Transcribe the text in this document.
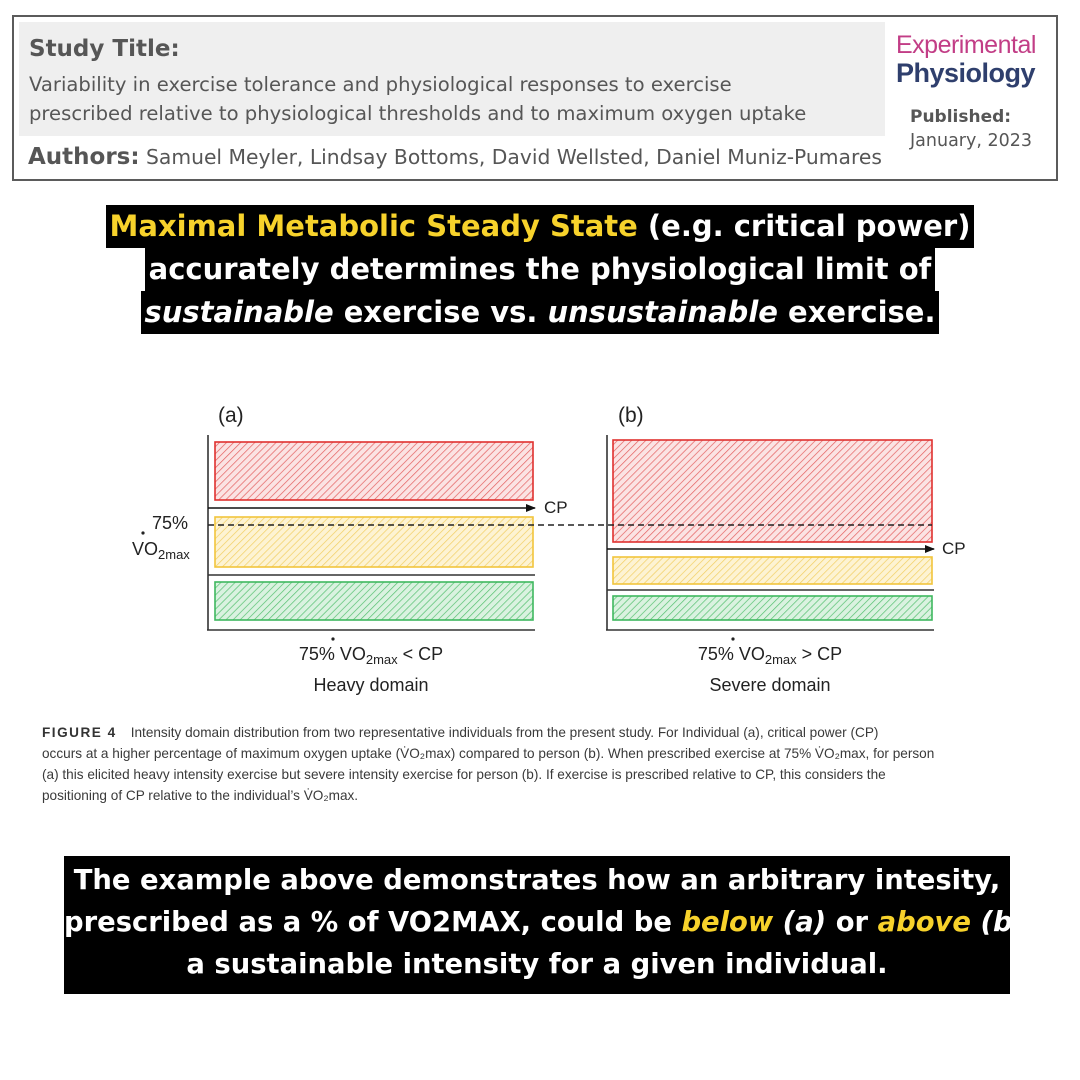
Study Title:
Variability in exercise tolerance and physiological responses to exercise
prescribed relative to physiological thresholds and to maximum oxygen uptake
Authors: Samuel Meyler, Lindsay Bottoms, David Wellsted, Daniel Muniz-Pumares
Experimental
Physiology
Published:
January, 2023
Maximal Metabolic Steady State (e.g. critical power)
accurately determines the physiological limit of
sustainable exercise vs. unsustainable exercise.
(a)	(b)
75%
$VO_{2max}$
CP
75% $VO_{2max}$ < CP
Heavy domain
CP
75% $VO_{2max}$ > CP
Severe domain
FIGURE 4 Intensity domain distribution from two representative individuals from the present study. For Individual (a), critical power (CP)
occurs at a higher percentage of maximum oxygen uptake (V̇O₂max) compared to person (b). When prescribed exercise at 75% V̇O₂max, for person
(a) this elicited heavy intensity exercise but severe intensity exercise for person (b). If exercise is prescribed relative to CP, this considers the
positioning of CP relative to the individual’s V̇O₂max.
The example above demonstrates how an arbitrary intesity,
prescribed as a % of VO2MAX, could be below (a) or above (b)
a sustainable intensity for a given individual.
